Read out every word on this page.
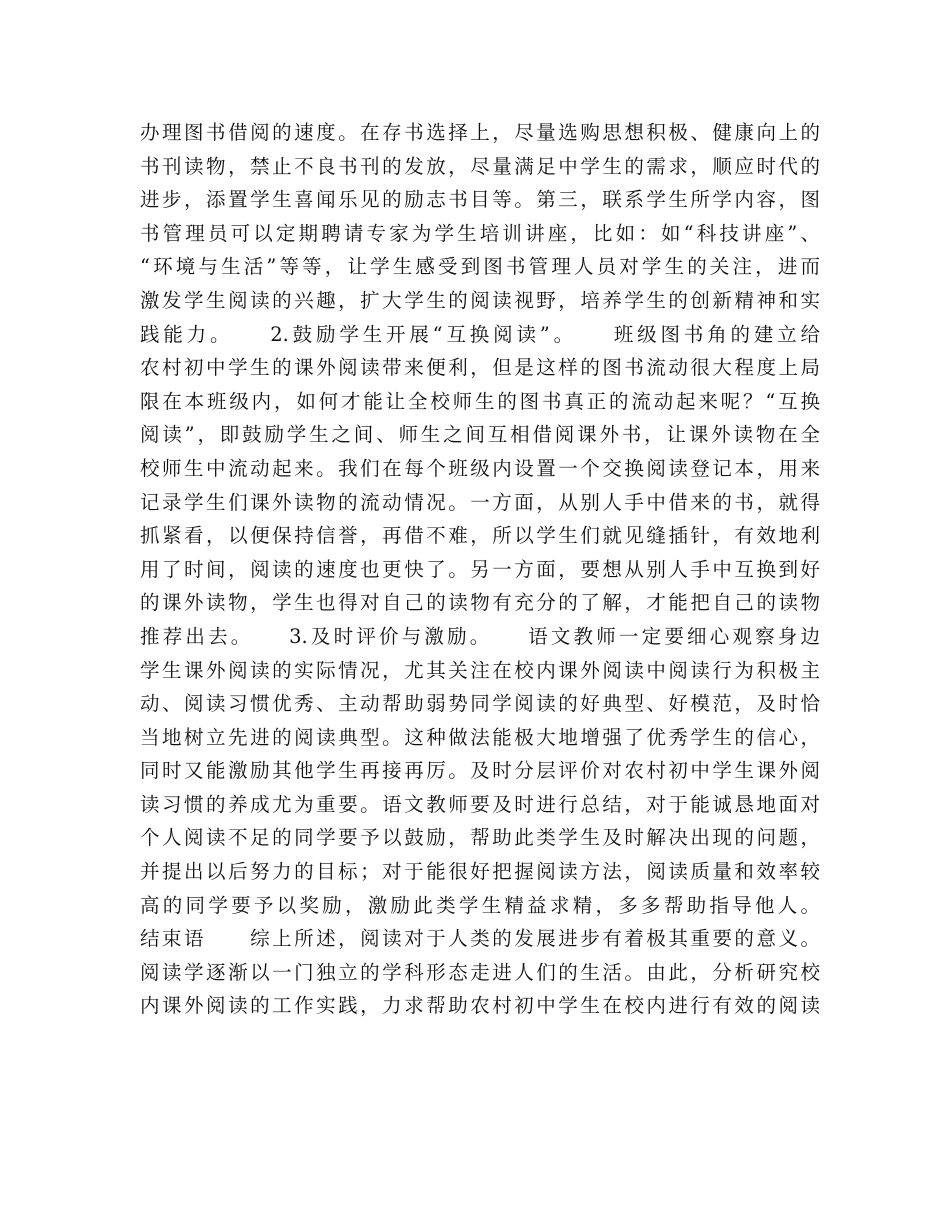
办理图书借阅的速度。在存书选择上，尽量选购思想积极、健康向上的
书刊读物，禁止不良书刊的发放，尽量满足中学生的需求，顺应时代的
进步，添置学生喜闻乐见的励志书目等。第三，联系学生所学内容，图
书管理员可以定期聘请专家为学生培训讲座，比如：如“科技讲座”、
“环境与生活”等等，让学生感受到图书管理人员对学生的关注，进而
激发学生阅读的兴趣，扩大学生的阅读视野，培养学生的创新精神和实
践能力。　　2.鼓励学生开展“互换阅读”。　　班级图书角的建立给
农村初中学生的课外阅读带来便利，但是这样的图书流动很大程度上局
限在本班级内，如何才能让全校师生的图书真正的流动起来呢？“互换
阅读”，即鼓励学生之间、师生之间互相借阅课外书，让课外读物在全
校师生中流动起来。我们在每个班级内设置一个交换阅读登记本，用来
记录学生们课外读物的流动情况。一方面，从别人手中借来的书，就得
抓紧看，以便保持信誉，再借不难，所以学生们就见缝插针，有效地利
用了时间，阅读的速度也更快了。另一方面，要想从别人手中互换到好
的课外读物，学生也得对自己的读物有充分的了解，才能把自己的读物
推荐出去。　　3.及时评价与激励。　　语文教师一定要细心观察身边
学生课外阅读的实际情况，尤其关注在校内课外阅读中阅读行为积极主
动、阅读习惯优秀、主动帮助弱势同学阅读的好典型、好模范，及时恰
当地树立先进的阅读典型。这种做法能极大地增强了优秀学生的信心，
同时又能激励其他学生再接再厉。及时分层评价对农村初中学生课外阅
读习惯的养成尤为重要。语文教师要及时进行总结，对于能诚恳地面对
个人阅读不足的同学要予以鼓励，帮助此类学生及时解决出现的问题，
并提出以后努力的目标；对于能很好把握阅读方法，阅读质量和效率较
高的同学要予以奖励，激励此类学生精益求精，多多帮助指导他人。
结束语　　综上所述，阅读对于人类的发展进步有着极其重要的意义。
阅读学逐渐以一门独立的学科形态走进人们的生活。由此，分析研究校
内课外阅读的工作实践，力求帮助农村初中学生在校内进行有效的阅读
